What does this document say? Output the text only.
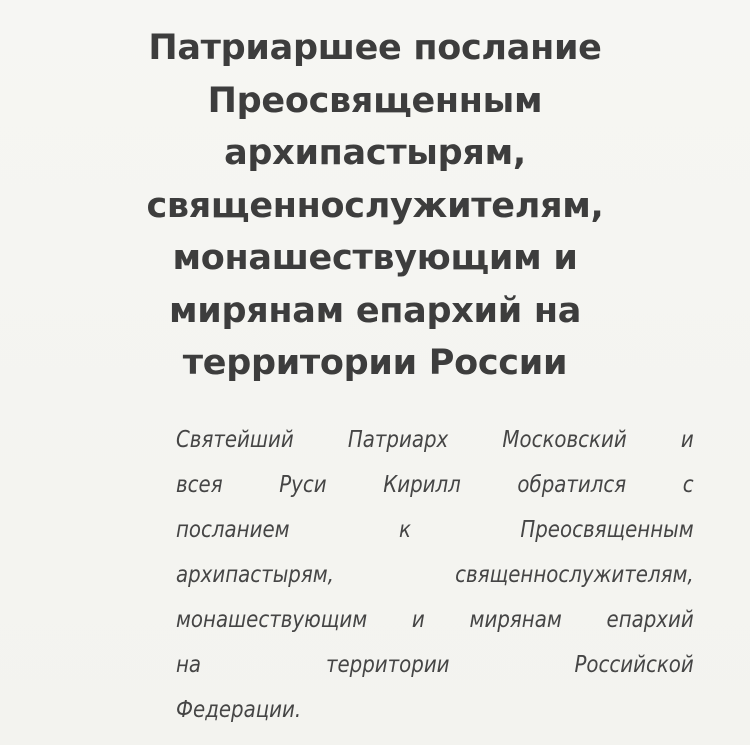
Патриаршее послание
Преосвященным
архипастырям,
священнослужителям,
монашествующим и
мирянам епархий на
территории России
Святейший Патриарх Московский и
всея Руси Кирилл обратился с
посланием	к	Преосвященным
архипастырям,	священнослужителям,
монашествующим и мирянам епархий
на	территории	Российской
Федерации.
